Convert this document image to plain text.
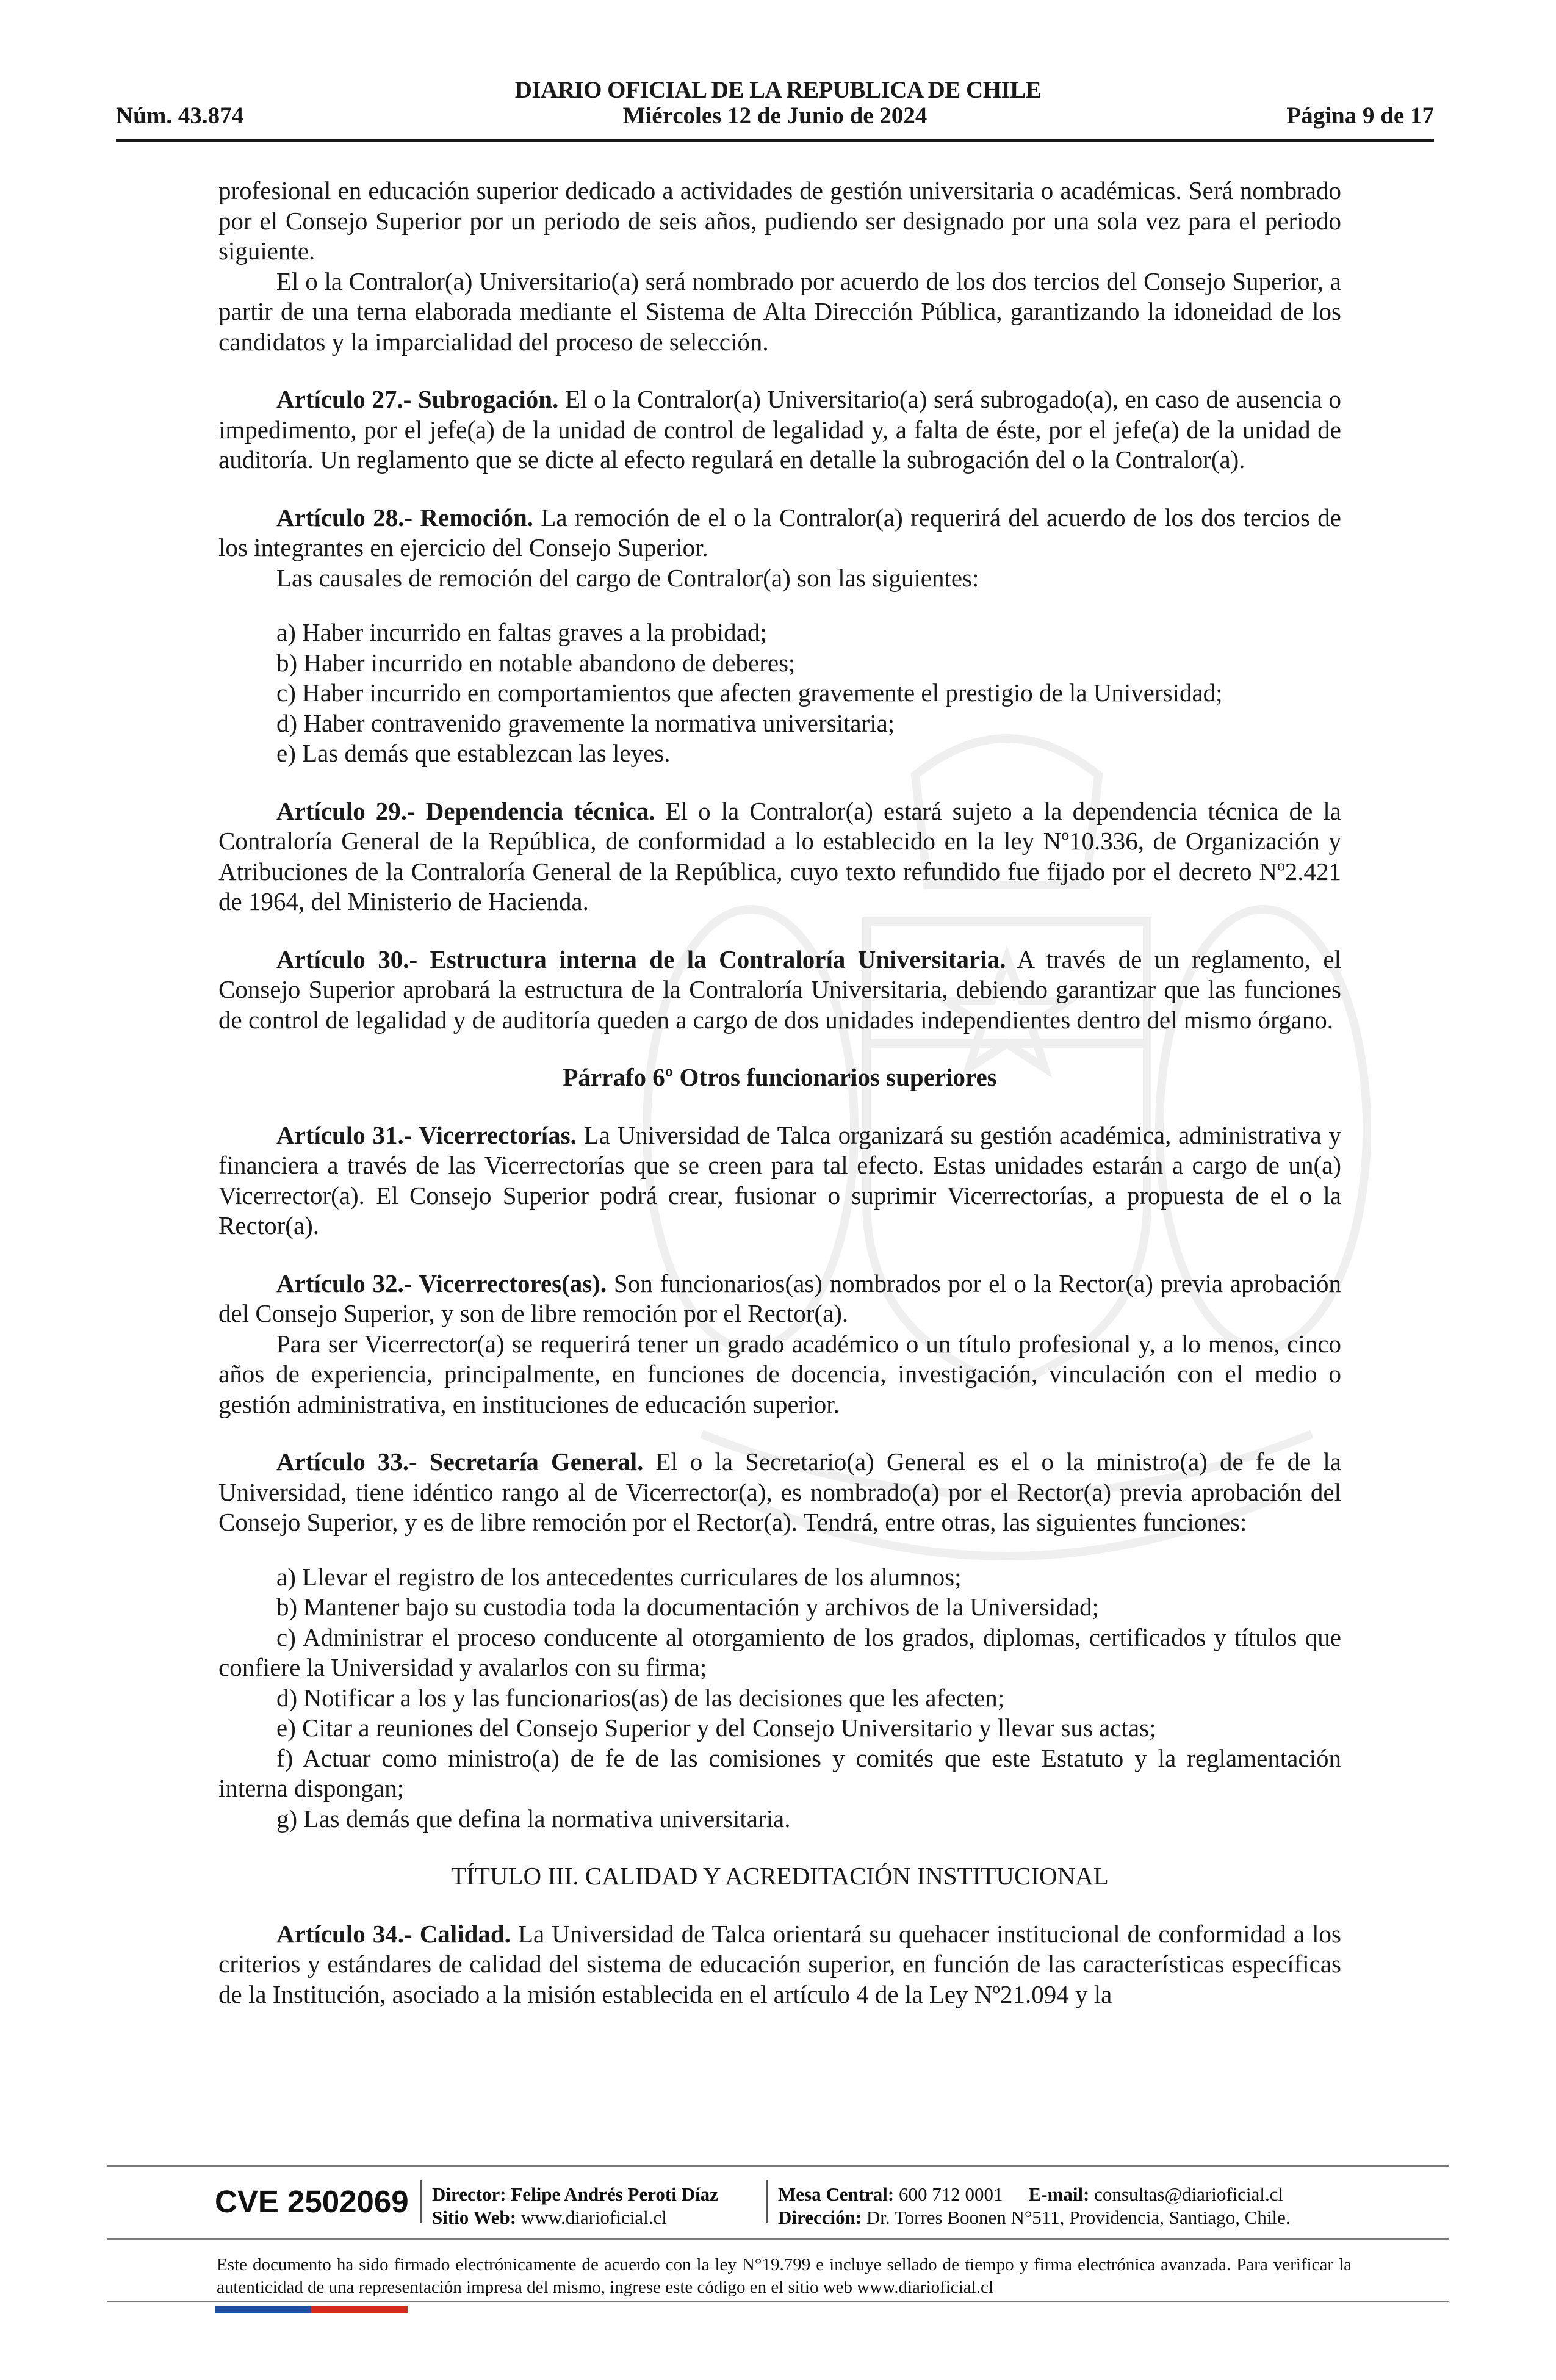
DIARIO OFICIAL DE LA REPUBLICA DE CHILE
Núm. 43.874	Miércoles 12 de Junio de 2024	Página 9 de 17

profesional en educación superior dedicado a actividades de gestión universitaria o académicas. Será nombrado por el Consejo Superior por un periodo de seis años, pudiendo ser designado por una sola vez para el periodo siguiente.

El o la Contralor(a) Universitario(a) será nombrado por acuerdo de los dos tercios del Consejo Superior, a partir de una terna elaborada mediante el Sistema de Alta Dirección Pública, garantizando la idoneidad de los candidatos y la imparcialidad del proceso de selección.

Artículo 27.- Subrogación. El o la Contralor(a) Universitario(a) será subrogado(a), en caso de ausencia o impedimento, por el jefe(a) de la unidad de control de legalidad y, a falta de éste, por el jefe(a) de la unidad de auditoría. Un reglamento que se dicte al efecto regulará en detalle la subrogación del o la Contralor(a).

Artículo 28.- Remoción. La remoción de el o la Contralor(a) requerirá del acuerdo de los dos tercios de los integrantes en ejercicio del Consejo Superior.

Las causales de remoción del cargo de Contralor(a) son las siguientes:

a) Haber incurrido en faltas graves a la probidad;

b) Haber incurrido en notable abandono de deberes;

c) Haber incurrido en comportamientos que afecten gravemente el prestigio de la Universidad;

d) Haber contravenido gravemente la normativa universitaria;

e) Las demás que establezcan las leyes.

Artículo 29.- Dependencia técnica. El o la Contralor(a) estará sujeto a la dependencia técnica de la Contraloría General de la República, de conformidad a lo establecido en la ley Nº10.336, de Organización y Atribuciones de la Contraloría General de la República, cuyo texto refundido fue fijado por el decreto Nº2.421 de 1964, del Ministerio de Hacienda.

Artículo 30.- Estructura interna de la Contraloría Universitaria. A través de un reglamento, el Consejo Superior aprobará la estructura de la Contraloría Universitaria, debiendo garantizar que las funciones de control de legalidad y de auditoría queden a cargo de dos unidades independientes dentro del mismo órgano.

Párrafo 6º Otros funcionarios superiores

Artículo 31.- Vicerrectorías. La Universidad de Talca organizará su gestión académica, administrativa y financiera a través de las Vicerrectorías que se creen para tal efecto. Estas unidades estarán a cargo de un(a) Vicerrector(a). El Consejo Superior podrá crear, fusionar o suprimir Vicerrectorías, a propuesta de el o la Rector(a).

Artículo 32.- Vicerrectores(as). Son funcionarios(as) nombrados por el o la Rector(a) previa aprobación del Consejo Superior, y son de libre remoción por el Rector(a).

Para ser Vicerrector(a) se requerirá tener un grado académico o un título profesional y, a lo menos, cinco años de experiencia, principalmente, en funciones de docencia, investigación, vinculación con el medio o gestión administrativa, en instituciones de educación superior.

Artículo 33.- Secretaría General. El o la Secretario(a) General es el o la ministro(a) de fe de la Universidad, tiene idéntico rango al de Vicerrector(a), es nombrado(a) por el Rector(a) previa aprobación del Consejo Superior, y es de libre remoción por el Rector(a). Tendrá, entre otras, las siguientes funciones:

a) Llevar el registro de los antecedentes curriculares de los alumnos;

b) Mantener bajo su custodia toda la documentación y archivos de la Universidad;

c) Administrar el proceso conducente al otorgamiento de los grados, diplomas, certificados y títulos que confiere la Universidad y avalarlos con su firma;

d) Notificar a los y las funcionarios(as) de las decisiones que les afecten;

e) Citar a reuniones del Consejo Superior y del Consejo Universitario y llevar sus actas;

f) Actuar como ministro(a) de fe de las comisiones y comités que este Estatuto y la reglamentación interna dispongan;

g) Las demás que defina la normativa universitaria.

TÍTULO III. CALIDAD Y ACREDITACIÓN INSTITUCIONAL

Artículo 34.- Calidad. La Universidad de Talca orientará su quehacer institucional de conformidad a los criterios y estándares de calidad del sistema de educación superior, en función de las características específicas de la Institución, asociado a la misión establecida en el artículo 4 de la Ley Nº21.094 y la

CVE 2502069 Director: Felipe Andrés Peroti Díaz
Sitio Web: www.diarioficial.cl
Mesa Central: 600 712 0001 E-mail: consultas@diarioficial.cl
Dirección: Dr. Torres Boonen N°511, Providencia, Santiago, Chile.
Este documento ha sido firmado electrónicamente de acuerdo con la ley N°19.799 e incluye sellado de tiempo y firma electrónica avanzada. Para verificar la autenticidad de una representación impresa del mismo, ingrese este código en el sitio web www.diarioficial.cl
